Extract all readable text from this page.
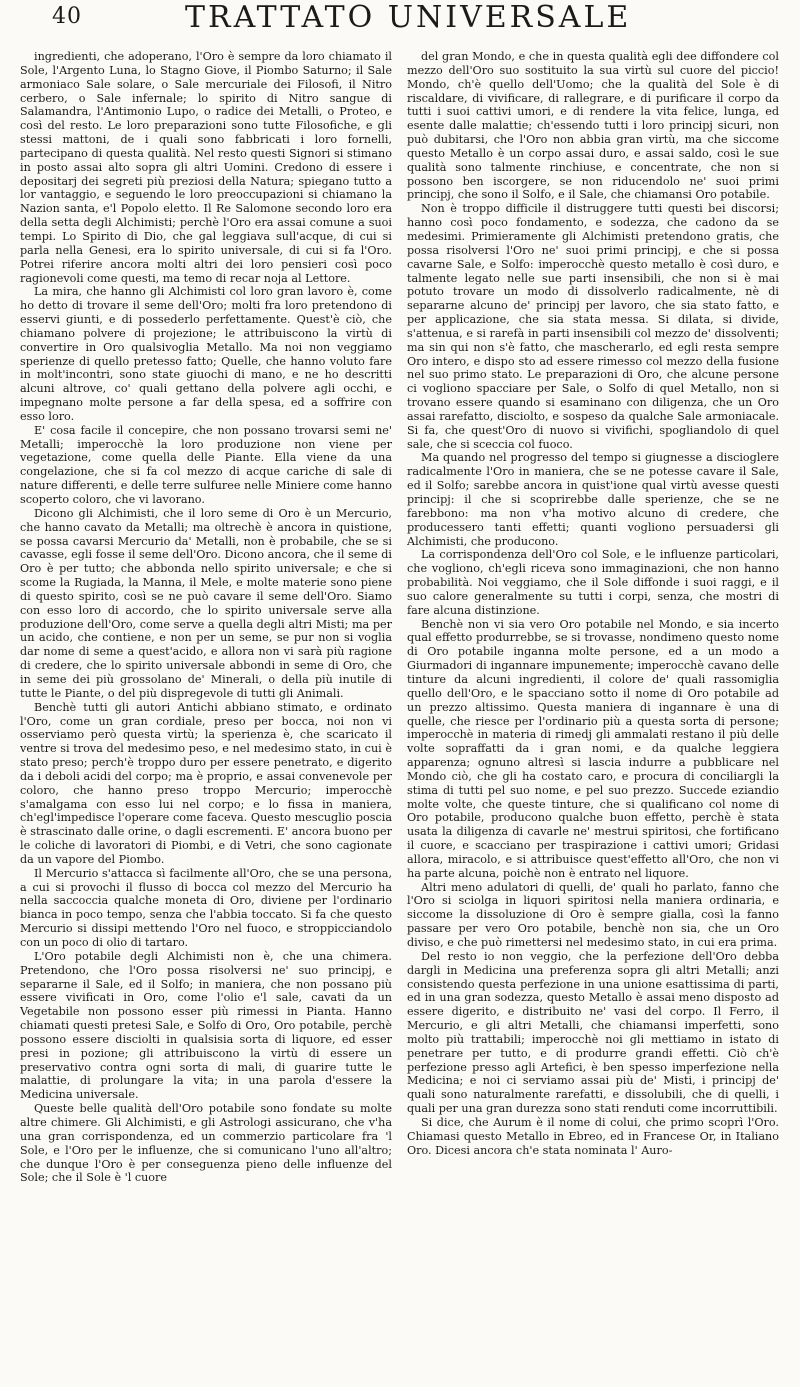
40	TRATTATO UNIVERSALE

ingredienti, che adoperano, l'Oro è sempre da loro chiamato il Sole, l'Argento Luna, lo Stagno Giove, il Piombo Saturno; il Sale armoniaco Sale solare, o Sale mercuriale dei Filosofi, il Nitro cerbero, o Sale infernale; lo spirito di Nitro sangue di Salamandra, l'Antimonio Lupo, o radice dei Metalli, o Proteo, e così del resto. Le loro preparazioni sono tutte Filosofiche, e gli stessi mattoni, de i quali sono fabbricati i loro fornelli, partecipano di questa qualità. Nel resto questi Signori si stimano in posto assai alto sopra gli altri Uomini. Credono di essere i depositarj dei segreti più preziosi della Natura; spiegano tutto a lor vantaggio, e seguendo le loro preoccupazioni si chiamano la Nazion santa, e'l Popolo eletto. Il Re Salomone secondo loro era della setta degli Alchimisti; perchè l'Oro era assai comune a suoi tempi. Lo Spirito di Dio, che gal leggiava sull'acque, di cui si parla nella Genesi, era lo spirito universale, di cui si fa l'Oro. Potrei riferire ancora molti altri dei loro pensieri così poco ragionevoli come questi, ma temo di recar noja al Lettore.

La mira, che hanno gli Alchimisti col loro gran lavoro è, come ho detto di trovare il seme dell'Oro; molti fra loro pretendono di esservi giunti, e di possederlo perfettamente. Quest'è ciò, che chiamano polvere di projezione; le attribuiscono la virtù di convertire in Oro qualsivoglia Metallo. Ma noi non veggiamo sperienze di quello pretesso fatto; Quelle, che hanno voluto fare in molt'incontri, sono state giuochi di mano, e ne ho descritti alcuni altrove, co' quali gettano della polvere agli occhi, e impegnano molte persone a far della spesa, ed a soffrire con esso loro.

E' cosa facile il concepire, che non possano trovarsi semi ne' Metalli; imperocchè la loro produzione non viene per vegetazione, come quella delle Piante. Ella viene da una congelazione, che si fa col mezzo di acque cariche di sale di nature differenti, e delle terre sulfuree nelle Miniere come hanno scoperto coloro, che vi lavorano.

Dicono gli Alchimisti, che il loro seme di Oro è un Mercurio, che hanno cavato da Metalli; ma oltrechè è ancora in quistione, se possa cavarsi Mercurio da' Metalli, non è probabile, che se si cavasse, egli fosse il seme dell'Oro. Dicono ancora, che il seme di Oro è per tutto; che abbonda nello spirito universale; e che si scome la Rugiada, la Manna, il Mele, e molte materie sono piene di questo spirito, così se ne può cavare il seme dell'Oro. Siamo con esso loro di accordo, che lo spirito universale serve alla produzione dell'Oro, come serve a quella degli altri Misti; ma per un acido, che contiene, e non per un seme, se pur non si voglia dar nome di seme a quest'acido, e allora non vi sarà più ragione di credere, che lo spirito universale abbondi in seme di Oro, che in seme dei più grossolano de' Minerali, o della più inutile di tutte le Piante, o del più dispregevole di tutti gli Animali.

Benchè tutti gli autori Antichi abbiano stimato, e ordinato l'Oro, come un gran cordiale, preso per bocca, noi non vi osserviamo però questa virtù; la sperienza è, che scaricato il ventre si trova del medesimo peso, e nel medesimo stato, in cui è stato preso; perch'è troppo duro per essere penetrato, e digerito da i deboli acidi del corpo; ma è proprio, e assai convenevole per coloro, che hanno preso troppo Mercurio; imperocchè s'amalgama con esso lui nel corpo; e lo fissa in maniera, ch'egl'impedisce l'operare come faceva. Questo mescuglio poscia è strascinato dalle orine, o dagli escrementi. E' ancora buono per le coliche di lavoratori di Piombi, e di Vetri, che sono cagionate da un vapore del Piombo.

Il Mercurio s'attacca sì facilmente all'Oro, che se una persona, a cui si provochi il flusso di bocca col mezzo del Mercurio ha nella saccoccia qualche moneta di Oro, diviene per l'ordinario bianca in poco tempo, senza che l'abbia toccato. Si fa che questo Mercurio si dissipi mettendo l'Oro nel fuoco, e stroppicciandolo con un poco di olio di tartaro.

L'Oro potabile degli Alchimisti non è, che una chimera. Pretendono, che l'Oro possa risolversi ne' suo principj, e separarne il Sale, ed il Solfo; in maniera, che non possano più essere vivificati in Oro, come l'olio e'l sale, cavati da un Vegetabile non possono esser più rimessi in Pianta. Hanno chiamati questi pretesi Sale, e Solfo di Oro, Oro potabile, perchè possono essere disciolti in qualsisia sorta di liquore, ed esser presi in pozione; gli attribuiscono la virtù di essere un preservativo contra ogni sorta di mali, di guarire tutte le malattie, di prolungare la vita; in una parola d'essere la Medicina universale.

Queste belle qualità dell'Oro potabile sono fondate su molte altre chimere. Gli Alchimisti, e gli Astrologi assicurano, che v'ha una gran corrispondenza, ed un commerzio particolare fra 'l Sole, e l'Oro per le influenze, che si comunicano l'uno all'altro; che dunque l'Oro è per conseguenza pieno delle influenze del Sole; che il Sole è 'l cuore

del gran Mondo, e che in questa qualità egli dee diffondere col mezzo dell'Oro suo sostituito la sua virtù sul cuore del piccio! Mondo, ch'è quello dell'Uomo; che la qualità del Sole è di riscaldare, di vivificare, di rallegrare, e di purificare il corpo da tutti i suoi cattivi umori, e di rendere la vita felice, lunga, ed esente dalle malattie; ch'essendo tutti i loro principj sicuri, non può dubitarsi, che l'Oro non abbia gran virtù, ma che siccome questo Metallo è un corpo assai duro, e assai saldo, così le sue qualità sono talmente rinchiuse, e concentrate, che non si possono ben iscorgere, se non riducendolo ne' suoi primi principj, che sono il Solfo, e il Sale, che chiamansi Oro potabile.

Non è troppo difficile il distruggere tutti questi bei discorsi; hanno così poco fondamento, e sodezza, che cadono da se medesimi. Primieramente gli Alchimisti pretendono gratis, che possa risolversi l'Oro ne' suoi primi principj, e che si possa cavarne Sale, e Solfo: imperocchè questo metallo è così duro, e talmente legato nelle sue parti insensibili, che non si è mai potuto trovare un modo di dissolverlo radicalmente, nè di separarne alcuno de' principj per lavoro, che sia stato fatto, e per applicazione, che sia stata messa. Si dilata, si divide, s'attenua, e si rarefà in parti insensibili col mezzo de' dissolventi; ma sin qui non s'è fatto, che mascherarlo, ed egli resta sempre Oro intero, e dispo sto ad essere rimesso col mezzo della fusione nel suo primo stato. Le preparazioni di Oro, che alcune persone ci vogliono spacciare per Sale, o Solfo di quel Metallo, non si trovano essere quando si esaminano con diligenza, che un Oro assai rarefatto, disciolto, e sospeso da qualche Sale armoniacale. Si fa, che quest'Oro di nuovo si vivifichi, spogliandolo di quel sale, che si sceccia col fuoco.

Ma quando nel progresso del tempo si giugnesse a discioglere radicalmente l'Oro in maniera, che se ne potesse cavare il Sale, ed il Solfo; sarebbe ancora in quist'ione qual virtù avesse questi principj: il che si scoprirebbe dalle sperienze, che se ne farebbono: ma non v'ha motivo alcuno di credere, che producessero tanti effetti; quanti vogliono persuadersi gli Alchimisti, che producono.

La corrispondenza dell'Oro col Sole, e le influenze particolari, che vogliono, ch'egli riceva sono immaginazioni, che non hanno probabilità. Noi veggiamo, che il Sole diffonde i suoi raggi, e il suo calore generalmente su tutti i corpi, senza, che mostri di fare alcuna distinzione.

Benchè non vi sia vero Oro potabile nel Mondo, e sia incerto qual effetto produrrebbe, se si trovasse, nondimeno questo nome di Oro potabile inganna molte persone, ed a un modo a Giurmadori di ingannare impunemente; imperocchè cavano delle tinture da alcuni ingredienti, il colore de' quali rassomiglia quello dell'Oro, e le spacciano sotto il nome di Oro potabile ad un prezzo altissimo. Questa maniera di ingannare è una di quelle, che riesce per l'ordinario più a questa sorta di persone; imperocchè in materia di rimedj gli ammalati restano il più delle volte sopraffatti da i gran nomi, e da qualche leggiera apparenza; ognuno altresì si lascia indurre a pubblicare nel Mondo ciò, che gli ha costato caro, e procura di conciliargli la stima di tutti pel suo nome, e pel suo prezzo. Succede eziandio molte volte, che queste tinture, che si qualificano col nome di Oro potabile, producono qualche buon effetto, perchè è stata usata la diligenza di cavarle ne' mestrui spiritosi, che fortificano il cuore, e scacciano per traspirazione i cattivi umori; Gridasi allora, miracolo, e si attribuisce quest'effetto all'Oro, che non vi ha parte alcuna, poichè non è entrato nel liquore.

Altri meno adulatori di quelli, de' quali ho parlato, fanno che l'Oro si sciolga in liquori spiritosi nella maniera ordinaria, e siccome la dissoluzione di Oro è sempre gialla, così la fanno passare per vero Oro potabile, benchè non sia, che un Oro diviso, e che può rimettersi nel medesimo stato, in cui era prima.

Del resto io non veggio, che la perfezione dell'Oro debba dargli in Medicina una preferenza sopra gli altri Metalli; anzi consistendo questa perfezione in una unione esattissima di parti, ed in una gran sodezza, questo Metallo è assai meno disposto ad essere digerito, e distribuito ne' vasi del corpo. Il Ferro, il Mercurio, e gli altri Metalli, che chiamansi imperfetti, sono molto più trattabili; imperocchè noi gli mettiamo in istato di penetrare per tutto, e di produrre grandi effetti. Ciò ch'è perfezione presso agli Artefici, è ben spesso imperfezione nella Medicina; e noi ci serviamo assai più de' Misti, i principj de' quali sono naturalmente rarefatti, e dissolubili, che di quelli, i quali per una gran durezza sono stati renduti come incorruttibili.

Si dice, che Aurum è il nome di colui, che primo scoprì l'Oro. Chiamasi questo Metallo in Ebreo, ed in Francese Or, in Italiano Oro. Dicesi ancora ch'e stata nominata l' Auro-
